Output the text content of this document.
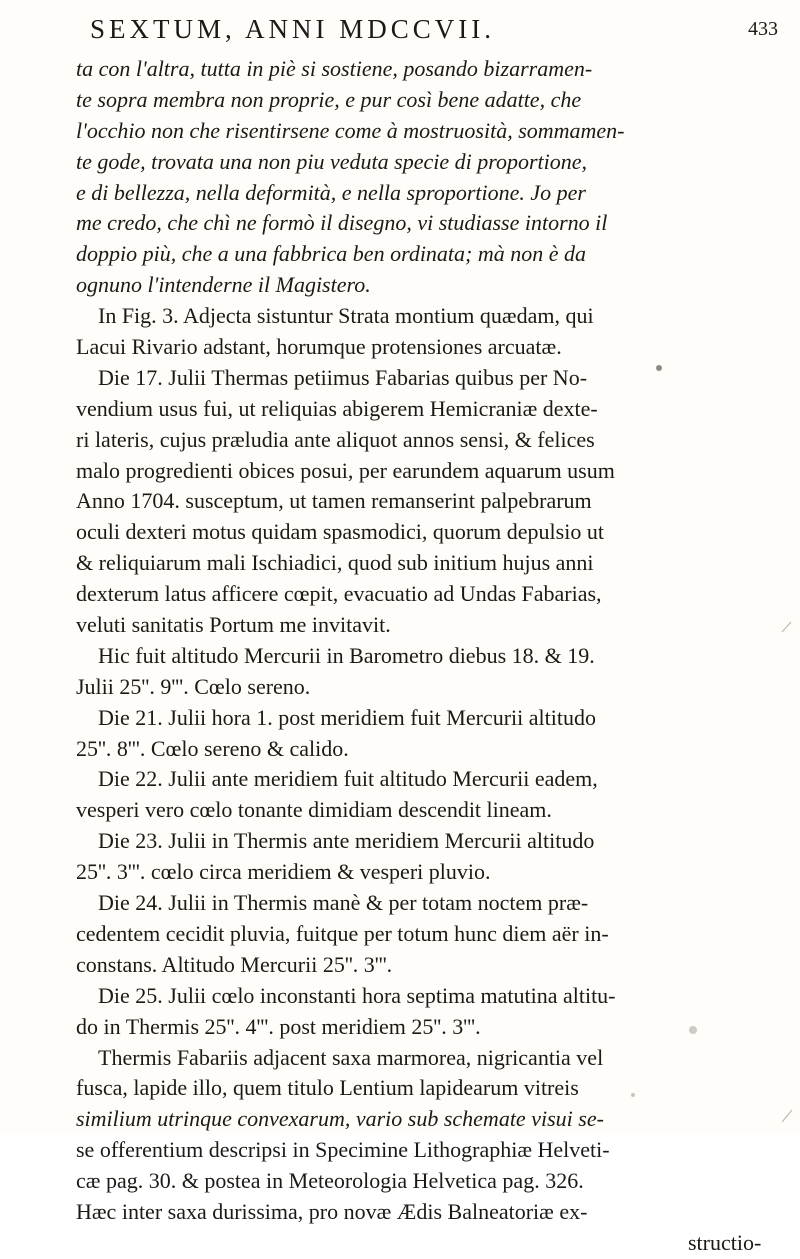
SEXTUM, ANNI MDCCVII.	433
ta con l'altra, tutta in piè si sostiene, posando bizarramen-
te sopra membra non proprie, e pur così bene adatte, che
l'occhio non che risentirsene come à mostruosità, sommamen-
te gode, trovata una non piu veduta specie di proportione,
e di bellezza, nella deformità, e nella sproportione. Jo per
me credo, che chì ne formò il disegno, vi studiasse intorno il
doppio più, che a una fabbrica ben ordinata; mà non è da
ognuno l'intenderne il Magistero.
In Fig. 3. Adjecta sistuntur Strata montium quædam, qui
Lacui Rivario adstant, horumque protensiones arcuatæ.
Die 17. Julii Thermas petiimus Fabarias quibus per No-
vendium usus fui, ut reliquias abigerem Hemicraniæ dexte-
ri lateris, cujus præludia ante aliquot annos sensi, & felices
malo progredienti obices posui, per earundem aquarum usum
Anno 1704. susceptum, ut tamen remanserint palpebrarum
oculi dexteri motus quidam spasmodici, quorum depulsio ut
& reliquiarum mali Ischiadici, quod sub initium hujus anni
dexterum latus afficere cœpit, evacuatio ad Undas Fabarias,
veluti sanitatis Portum me invitavit.
Hic fuit altitudo Mercurii in Barometro diebus 18. & 19.
Julii 25''. 9'''. Cœlo sereno.
Die 21. Julii hora 1. post meridiem fuit Mercurii altitudo
25''. 8'''. Cœlo sereno & calido.
Die 22. Julii ante meridiem fuit altitudo Mercurii eadem,
vesperi vero cœlo tonante dimidiam descendit lineam.
Die 23. Julii in Thermis ante meridiem Mercurii altitudo
25''. 3'''. cœlo circa meridiem & vesperi pluvio.
Die 24. Julii in Thermis manè & per totam noctem præ-
cedentem cecidit pluvia, fuitque per totum hunc diem aër in-
constans. Altitudo Mercurii 25''. 3'''.
Die 25. Julii cœlo inconstanti hora septima matutina altitu-
do in Thermis 25''. 4'''. post meridiem 25''. 3'''.
Thermis Fabariis adjacent saxa marmorea, nigricantia vel
fusca, lapide illo, quem titulo Lentium lapidearum vitreis
similium utrinque convexarum, vario sub schemate visui se-
se offerentium descripsi in Specimine Lithographiæ Helveti-
cæ pag. 30. & postea in Meteorologia Helvetica pag. 326.
Hæc inter saxa durissima, pro novæ Ædis Balneatoriæ ex-
structio-
